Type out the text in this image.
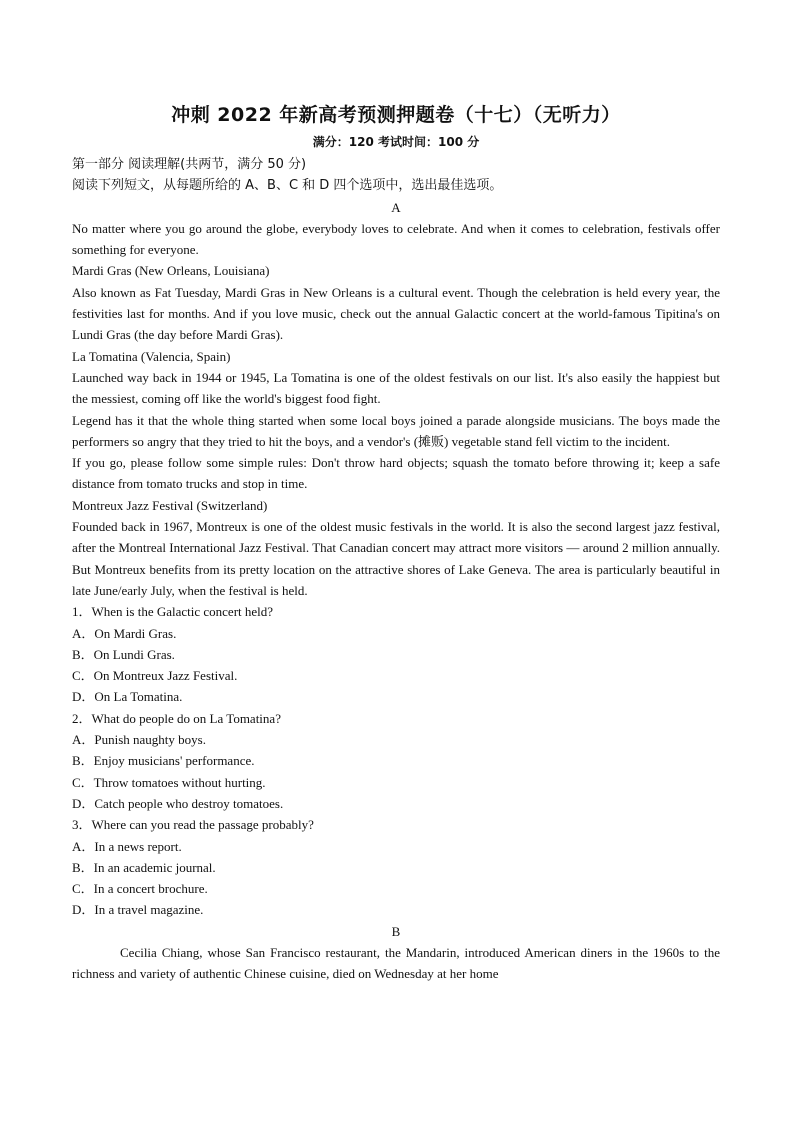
冲刺 2022 年新高考预测押题卷（十七）（无听力）
满分：120 考试时间：100 分

第一部分 阅读理解(共两节，满分 50 分)

阅读下列短文，从每题所给的 A、B、C 和 D 四个选项中，选出最佳选项。

A

No matter where you go around the globe, everybody loves to celebrate. And when it comes to celebration, festivals offer something for everyone.

Mardi Gras (New Orleans, Louisiana)

Also known as Fat Tuesday, Mardi Gras in New Orleans is a cultural event. Though the celebration is held every year, the festivities last for months. And if you love music, check out the annual Galactic concert at the world-famous Tipitina's on Lundi Gras (the day before Mardi Gras).

La Tomatina (Valencia, Spain)

Launched way back in 1944 or 1945, La Tomatina is one of the oldest festivals on our list. It's also easily the happiest but the messiest, coming off like the world's biggest food fight.

Legend has it that the whole thing started when some local boys joined a parade alongside musicians. The boys made the performers so angry that they tried to hit the boys, and a vendor's (摊贩) vegetable stand fell victim to the incident.

If you go, please follow some simple rules: Don't throw hard objects; squash the tomato before throwing it; keep a safe distance from tomato trucks and stop in time.

Montreux Jazz Festival (Switzerland)

Founded back in 1967, Montreux is one of the oldest music festivals in the world. It is also the second largest jazz festival, after the Montreal International Jazz Festival. That Canadian concert may attract more visitors — around 2 million annually. But Montreux benefits from its pretty location on the attractive shores of Lake Geneva. The area is particularly beautiful in late June/early July, when the festival is held.

1．When is the Galactic concert held?

A．On Mardi Gras.

B．On Lundi Gras.

C．On Montreux Jazz Festival.

D．On La Tomatina.

2．What do people do on La Tomatina?

A．Punish naughty boys.

B．Enjoy musicians' performance.

C．Throw tomatoes without hurting.

D．Catch people who destroy tomatoes.

3．Where can you read the passage probably?

A．In a news report.

B．In an academic journal.

C．In a concert brochure.

D．In a travel magazine.

B

Cecilia Chiang, whose San Francisco restaurant, the Mandarin, introduced American diners in the 1960s to the richness and variety of authentic Chinese cuisine, died on Wednesday at her home
